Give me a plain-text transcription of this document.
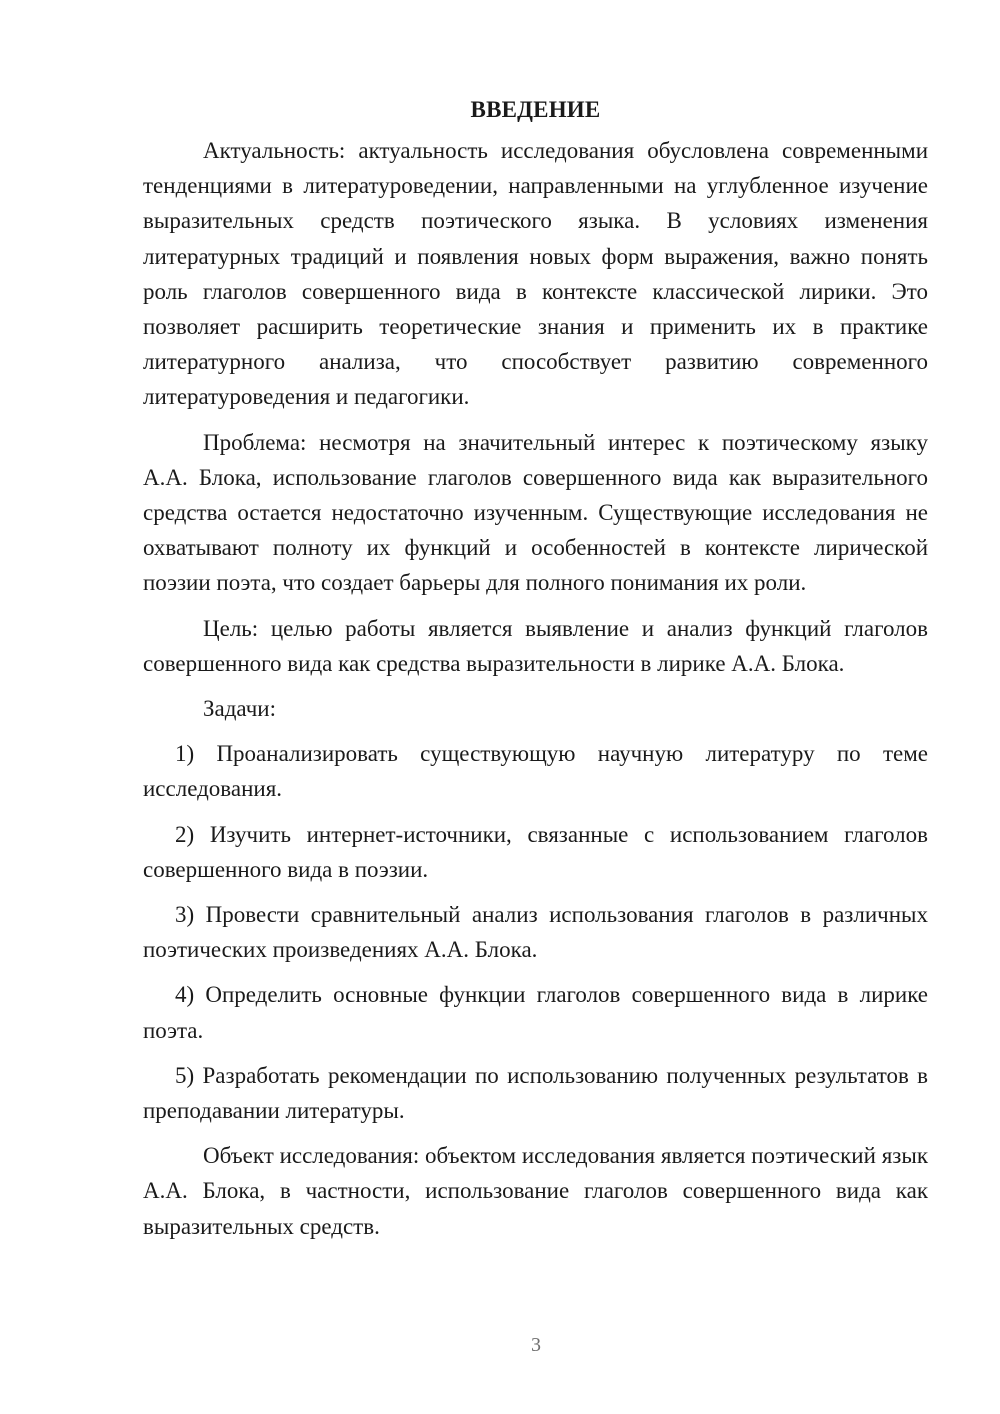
ВВЕДЕНИЕ

Актуальность: актуальность исследования обусловлена современными тенденциями в литературоведении, направленными на углубленное изучение выразительных средств поэтического языка. В условиях изменения литературных традиций и появления новых форм выражения, важно понять роль глаголов совершенного вида в контексте классической лирики. Это позволяет расширить теоретические знания и применить их в практике литературного анализа, что способствует развитию современного литературоведения и педагогики.

Проблема: несмотря на значительный интерес к поэтическому языку А.А. Блока, использование глаголов совершенного вида как выразительного средства остается недостаточно изученным. Существующие исследования не охватывают полноту их функций и особенностей в контексте лирической поэзии поэта, что создает барьеры для полного понимания их роли.

Цель: целью работы является выявление и анализ функций глаголов совершенного вида как средства выразительности в лирике А.А. Блока.

Задачи:

1) Проанализировать существующую научную литературу по теме исследования.

2) Изучить интернет-источники, связанные с использованием глаголов совершенного вида в поэзии.

3) Провести сравнительный анализ использования глаголов в различных поэтических произведениях А.А. Блока.

4) Определить основные функции глаголов совершенного вида в лирике поэта.

5) Разработать рекомендации по использованию полученных результатов в преподавании литературы.

Объект исследования: объектом исследования является поэтический язык А.А. Блока, в частности, использование глаголов совершенного вида как выразительных средств.

3
